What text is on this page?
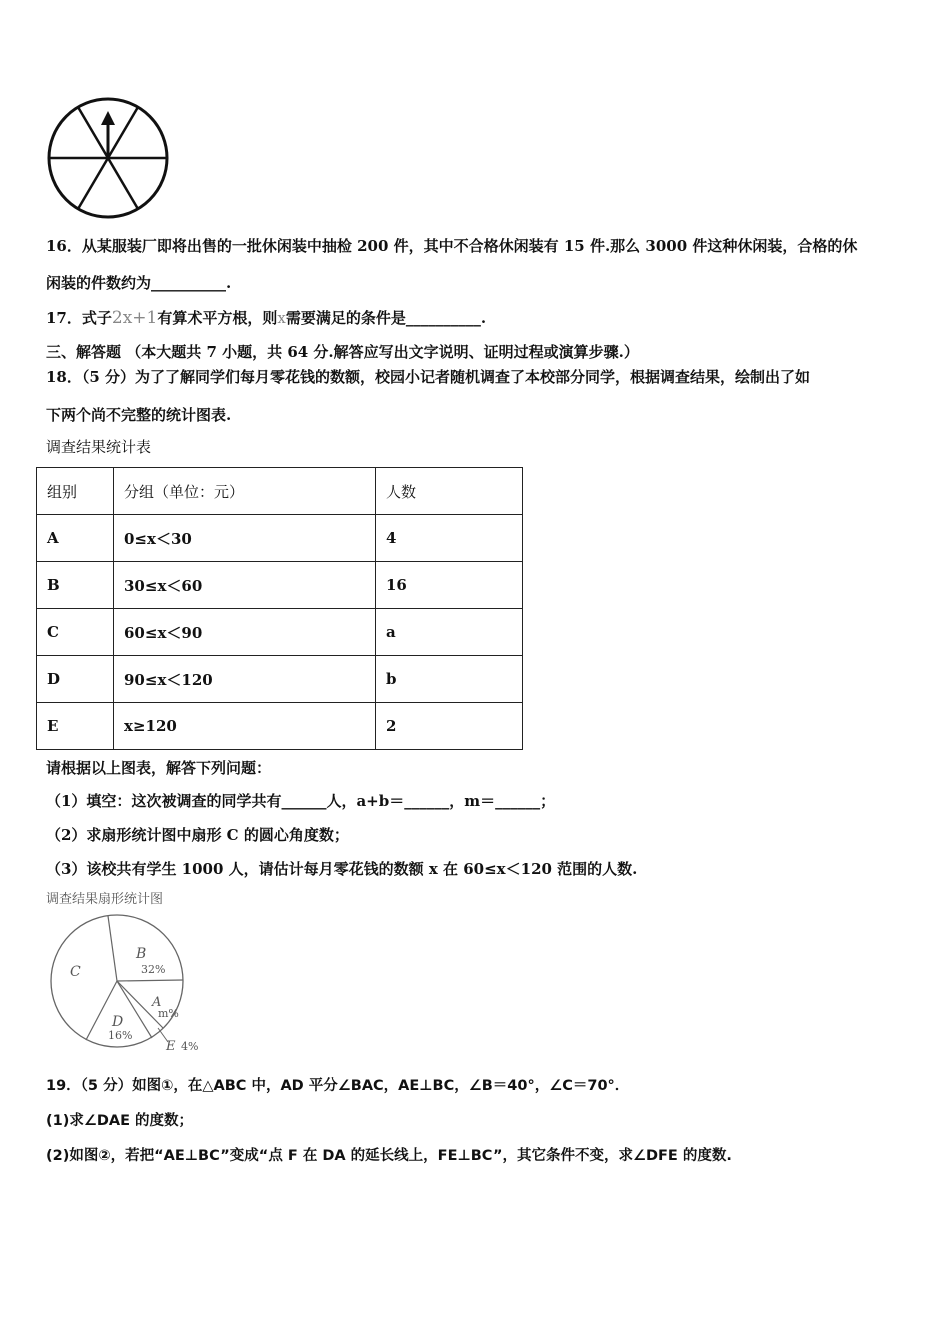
16．从某服装厂即将出售的一批休闲装中抽检 200 件，其中不合格休闲装有 15 件.那么 3000 件这种休闲装，合格的休
闲装的件数约为__________.
17．式子2x+1有算术平方根，则x需要满足的条件是__________.
三、解答题 （本大题共 7 小题，共 64 分.解答应写出文字说明、证明过程或演算步骤.）
18．（5 分）为了了解同学们每月零花钱的数额，校园小记者随机调查了本校部分同学，根据调查结果，绘制出了如
下两个尚不完整的统计图表.
调查结果统计表
组别	分组（单位：元）	人数
A	0≤x＜30	4
B	30≤x＜60	16
C	60≤x＜90	a
D	90≤x＜120	b
E	x≥120	2
请根据以上图表，解答下列问题：
（1）填空：这次被调查的同学共有______人，a+b＝______，m＝______；
（2）求扇形统计图中扇形 C 的圆心角度数；
（3）该校共有学生 1000 人，请估计每月零花钱的数额 x 在 60≤x＜120 范围的人数.
调查结果扇形统计图
C
B
32%
A
m%
D
16%
E 4%
19．（5 分）如图①，在△ABC 中，AD 平分∠BAC，AE⊥BC，∠B＝40°，∠C＝70°．
(1)求∠DAE 的度数；
(2)如图②，若把“AE⊥BC”变成“点 F 在 DA 的延长线上，FE⊥BC”，其它条件不变，求∠DFE 的度数.
